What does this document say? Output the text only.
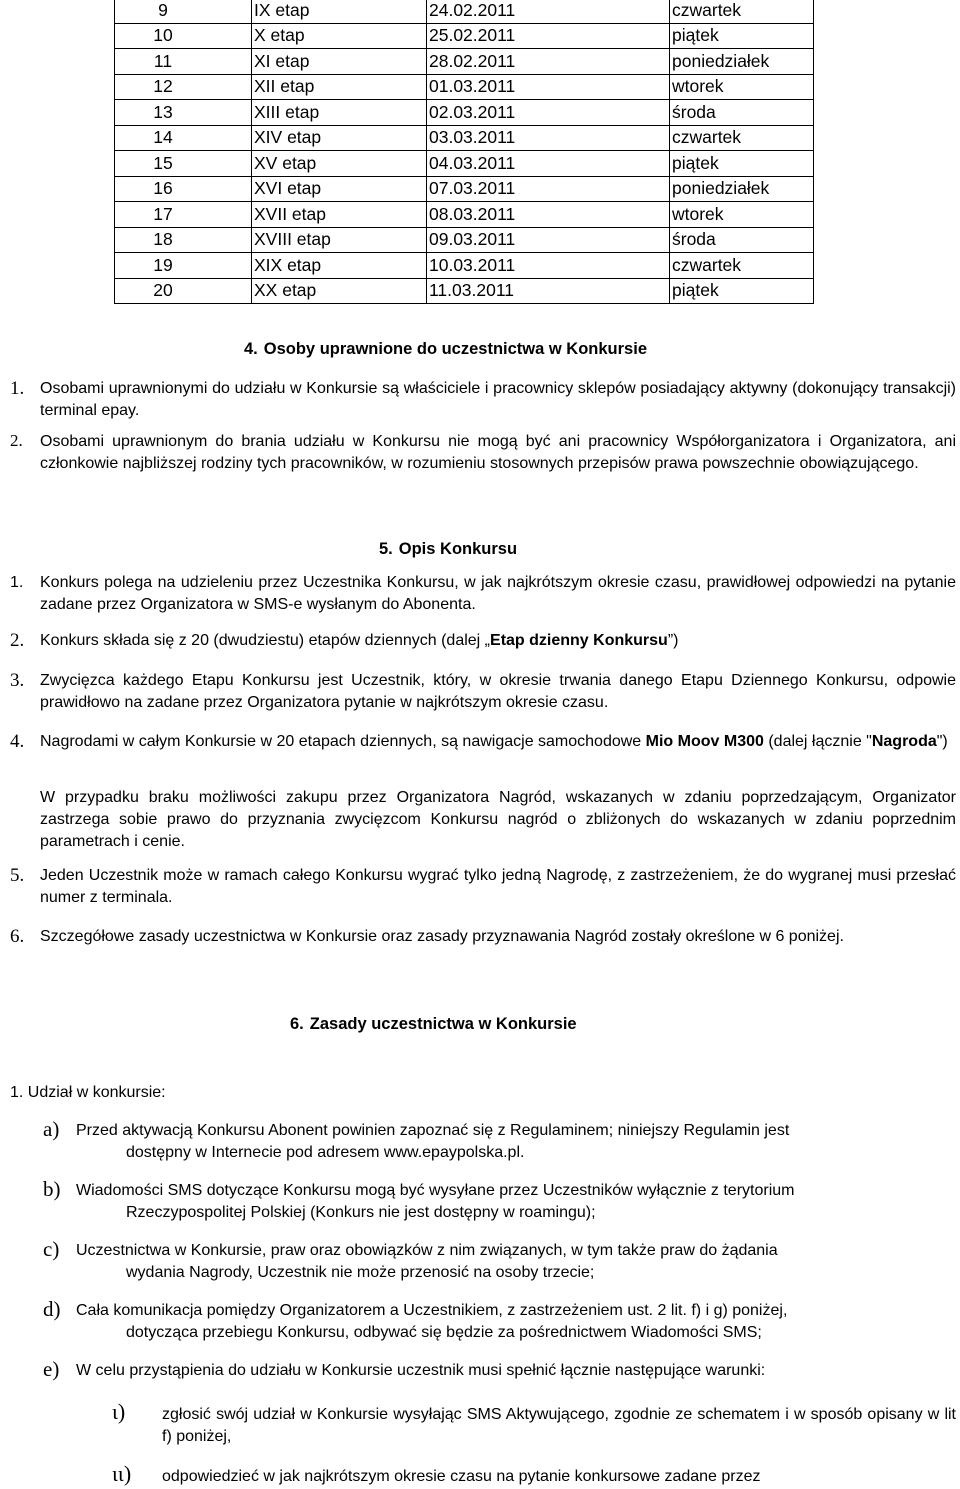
9	IX etap	24.02.2011	czwartek
10	X etap	25.02.2011	piątek
11	XI etap	28.02.2011	poniedziałek
12	XII etap	01.03.2011	wtorek
13	XIII etap	02.03.2011	środa
14	XIV etap	03.03.2011	czwartek
15	XV etap	04.03.2011	piątek
16	XVI etap	07.03.2011	poniedziałek
17	XVII etap	08.03.2011	wtorek
18	XVIII etap	09.03.2011	środa
19	XIX etap	10.03.2011	czwartek
20	XX etap	11.03.2011	piątek
4. Osoby uprawnione do uczestnictwa w Konkursie
1. Osobami uprawnionymi do udziału w Konkursie są właściciele i pracownicy sklepów posiadający aktywny (dokonujący transakcji) terminal epay.
2.	Osobami uprawnionym do brania udziału w Konkursu nie mogą być ani pracownicy Współorganizatora i Organizatora, ani członkowie najbliższej rodziny tych pracowników, w rozumieniu stosownych przepisów prawa powszechnie obowiązującego.
5. Opis Konkursu
1.	Konkurs polega na udzieleniu przez Uczestnika Konkursu, w jak najkrótszym okresie czasu, prawidłowej odpowiedzi na pytanie zadane przez Organizatora w SMS-e wysłanym do Abonenta.
2. Konkurs składa się z 20 (dwudziestu) etapów dziennych (dalej „Etap dzienny Konkursu”)
3. Zwycięzca każdego Etapu Konkursu jest Uczestnik, który, w okresie trwania danego Etapu Dziennego Konkursu, odpowie prawidłowo na zadane przez Organizatora pytanie w najkrótszym okresie czasu.
4. Nagrodami w całym Konkursie w 20 etapach dziennych, są nawigacje samochodowe Mio Moov M300 (dalej łącznie "Nagroda")
W przypadku braku możliwości zakupu przez Organizatora Nagród, wskazanych w zdaniu poprzedzającym, Organizator zastrzega sobie prawo do przyznania zwycięzcom Konkursu nagród o zbliżonych do wskazanych w zdaniu poprzednim parametrach i cenie.
5. Jeden Uczestnik może w ramach całego Konkursu wygrać tylko jedną Nagrodę, z zastrzeżeniem, że do wygranej musi przesłać numer z terminala.
6. Szczegółowe zasady uczestnictwa w Konkursie oraz zasady przyznawania Nagród zostały określone w 6 poniżej.
6. Zasady uczestnictwa w Konkursie
1. Udział w konkursie:
a)	Przed aktywacją Konkursu Abonent powinien zapoznać się z Regulaminem; niniejszy Regulamin jest
dostępny w Internecie pod adresem www.epaypolska.pl.
b) Wiadomości SMS dotyczące Konkursu mogą być wysyłane przez Uczestników wyłącznie z terytorium
Rzeczypospolitej Polskiej (Konkurs nie jest dostępny w roamingu);
c)	Uczestnictwa w Konkursie, praw oraz obowiązków z nim związanych, w tym także praw do żądania
wydania Nagrody, Uczestnik nie może przenosić na osoby trzecie;
d) Cała komunikacja pomiędzy Organizatorem a Uczestnikiem, z zastrzeżeniem ust. 2 lit. f) i g) poniżej,
dotycząca przebiegu Konkursu, odbywać się będzie za pośrednictwem Wiadomości SMS;
e)	W celu przystąpienia do udziału w Konkursie uczestnik musi spełnić łącznie następujące warunki:
ι)	zgłosić swój udział w Konkursie wysyłając SMS Aktywującego, zgodnie ze schematem i w sposób opisany w lit f) poniżej,
ιι)	odpowiedzieć w jak najkrótszym okresie czasu na pytanie konkursowe zadane przez
